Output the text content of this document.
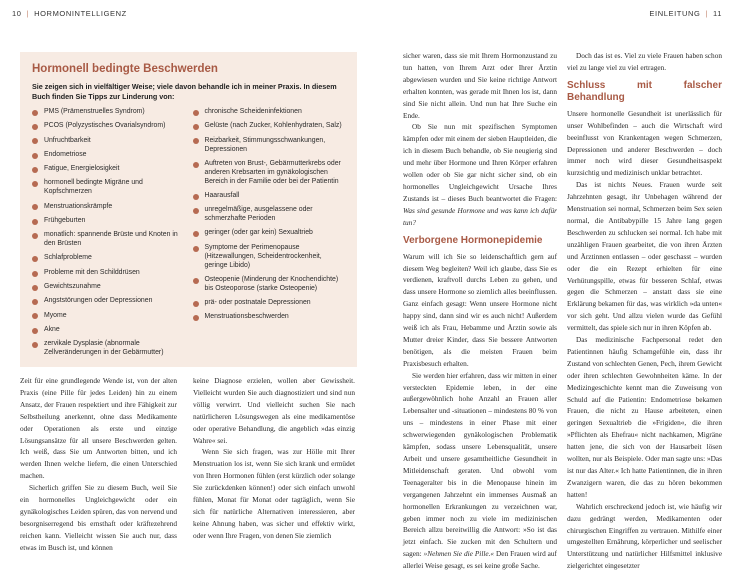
10 | HORMONINTELLIGENZ	EINLEITUNG | 11
Hormonell bedingte Beschwerden
Sie zeigen sich in vielfältiger Weise; viele davon behandle ich in meiner Praxis. In diesem Buch finden Sie Tipps zur Linderung von:
PMS (Prämenstruelles Syndrom)
PCOS (Polyzystisches Ovarialsyndrom)
Unfruchtbarkeit
Endometriose
Fatigue, Energielosigkeit
hormonell bedingte Migräne und Kopfschmerzen
Menstruationskrämpfe
Frühgeburten
monatlich: spannende Brüste und Knoten in den Brüsten
Schlafprobleme
Probleme mit den Schilddrüsen
Gewichtszunahme
Angststörungen oder Depressionen
Myome
Akne
zervikale Dysplasie (abnormale Zellveränderungen in der Gebärmutter)
chronische Scheideninfektionen
Gelüste (nach Zucker, Kohlenhydraten, Salz)
Reizbarkeit, Stimmungsschwankungen, Depressionen
Auftreten von Brust-, Gebärmutterkrebs oder anderen Krebsarten im gynäkologischen Bereich in der Familie oder bei der Patientin
Haarausfall
unregelmäßige, ausgelassene oder schmerzhafte Perioden
geringer (oder gar kein) Sexualtrieb
Symptome der Perimenopause (Hitzewallungen, Scheidentrockenheit, geringe Libido)
Osteopenie (Minderung der Knochendichte) bis Osteoporose (starke Osteopenie)
prä- oder postnatale Depressionen
Menstruationsbeschwerden

Zeit für eine grundlegende Wende ist, von der alten Praxis (eine Pille für jedes Leiden) hin zu einem Ansatz, der Frauen respektiert und ihre Fähigkeit zur Selbstheilung anerkennt, ohne dass Medikamente oder Operationen als erste und einzige Lösungsansätze für all unsere Beschwerden gelten. Ich weiß, dass Sie um Antworten bitten, und ich werden Ihnen welche liefern, die einen Unterschied machen.

Sicherlich griffen Sie zu diesem Buch, weil Sie ein hormonelles Ungleichgewicht oder ein gynäkologisches Leiden spüren, das von nervend und besorgniserregend bis ernsthaft oder kräftezehrend reichen kann. Vielleicht wissen Sie auch nur, dass etwas im Busch ist, und können

keine Diagnose erzielen, wollen aber Gewissheit. Vielleicht wurden Sie auch diagnostiziert und sind nun völlig verwirrt. Und vielleicht suchen Sie nach natürlicheren Lösungswegen als eine medikamentöse oder operative Behandlung, die angeblich »das einzig Wahre« sei.

Wenn Sie sich fragen, was zur Hölle mit Ihrer Menstruation los ist, wenn Sie sich krank und ermüdet von Ihren Hormonen fühlen (erst kürzlich oder solange Sie zurückdenken können!) oder sich einfach unwohl fühlen, Monat für Monat oder tagtäglich, wenn Sie sich für natürliche Alternativen interessieren, aber keine Ahnung haben, was sicher und effektiv wirkt, oder wenn Ihre Fragen, von denen Sie ziemlich

sicher waren, dass sie mit Ihrem Hormonzustand zu tun hatten, von Ihrem Arzt oder Ihrer Ärztin abgewiesen wurden und Sie keine richtige Antwort erhalten konnten, was gerade mit Ihnen los ist, dann sind Sie nicht allein. Und nun hat Ihre Suche ein Ende.

Ob Sie nun mit spezifischen Symptomen kämpfen oder mit einem der sieben Hauptleiden, die ich in diesem Buch behandle, ob Sie neugierig sind und mehr über Hormone und Ihren Körper erfahren wollen oder ob Sie gar nicht sicher sind, ob ein hormonelles Ungleichgewicht Ursache Ihres Zustands ist – dieses Buch beantwortet die Fragen: Was sind gesunde Hormone und was kann ich dafür tun?

Verborgene Hormonepidemie

Warum will ich Sie so leidenschaftlich gern auf diesem Weg begleiten? Weil ich glaube, dass Sie es verdienen, kraftvoll durchs Leben zu gehen, und dass unsere Hormone so ziemlich alles beeinflussen. Ganz einfach gesagt: Wenn unsere Hormone nicht happy sind, dann sind wir es auch nicht! Außerdem weiß ich als Frau, Hebamme und Ärztin sowie als Mutter dreier Kinder, dass Sie bessere Antworten benötigen, als die meisten Frauen beim Praxisbesuch erhalten.

Sie werden hier erfahren, dass wir mitten in einer versteckten Epidemie leben, in der eine außergewöhnlich hohe Anzahl an Frauen aller Lebensalter und -situationen – mindestens 80 % von uns – mindestens in einer Phase mit einer schwerwiegenden gynäkologischen Problematik kämpfen, sodass unsere Lebensqualität, unsere Arbeit und unsere gesamtheitliche Gesundheit in Mitleidenschaft geraten. Und obwohl vom Teenageralter bis in die Menopause hinein im vergangenen Jahrzehnt ein immenses Ausmaß an hormonellen Erkrankungen zu verzeichnen war, geben immer noch zu viele im medizinischen Bereich allzu bereitwillig die Antwort: »So ist das jetzt einfach. Sie zucken mit den Schultern und sagen: »Nehmen Sie die Pille.« Den Frauen wird auf allerlei Weise gesagt, es sei keine große Sache.

Doch das ist es. Viel zu viele Frauen haben schon viel zu lange viel zu viel ertragen.

Schluss mit falscher Behandlung

Unsere hormonelle Gesundheit ist unerlässlich für unser Wohlbefinden – auch die Wirtschaft wird beeinflusst von Krankentagen wegen Schmerzen, Depressionen und anderer Beschwerden – doch immer noch wird dieser Gesundheitsaspekt kurzsichtig und medizinisch unklar betrachtet.

Das ist nichts Neues. Frauen wurde seit Jahrzehnten gesagt, ihr Unbehagen während der Menstruation sei normal, Schmerzen beim Sex seien normal, die Antibabypille 15 Jahre lang gegen Beschwerden zu schlucken sei normal. Ich habe mit unzähligen Frauen gearbeitet, die von ihren Ärzten und Ärztinnen entlassen – oder geschasst – wurden oder die ein Rezept erhielten für eine Verhütungspille, etwas für besseren Schlaf, etwas gegen die Schmerzen – anstatt dass sie eine Erklärung bekamen für das, was wirklich »da unten« vor sich geht. Und allzu vielen wurde das Gefühl vermittelt, das spiele sich nur in ihren Köpfen ab.

Das medizinische Fachpersonal redet den Patientinnen häufig Schamgefühle ein, dass ihr Zustand von schlechten Genen, Pech, ihrem Gewicht oder ihren schlechten Gewohnheiten käme. In der Medizingeschichte kennt man die Zuweisung von Schuld auf die Patientin: Endometriose bekamen Frauen, die nicht zu Hause arbeiteten, einen geringen Sexualtrieb die »Frigiden«, die ihren »Pflichten als Ehefrau« nicht nachkamen, Migräne hatten jene, die sich von der Hausarbeit lösen wollten, nur als Beispiele. Oder man sagte uns: »Das ist nur das Alter.« Ich hatte Patientinnen, die in ihren Zwanzigern waren, die das zu hören bekommen hatten!

Wahrlich erschreckend jedoch ist, wie häufig wir dazu gedrängt werden, Medikamenten oder chirurgischen Eingriffen zu vertrauen. Mithilfe einer umgestellten Ernährung, körperlicher und seelischer Unterstützung und natürlicher Hilfsmittel inklusive zielgerichtet eingesetzter
